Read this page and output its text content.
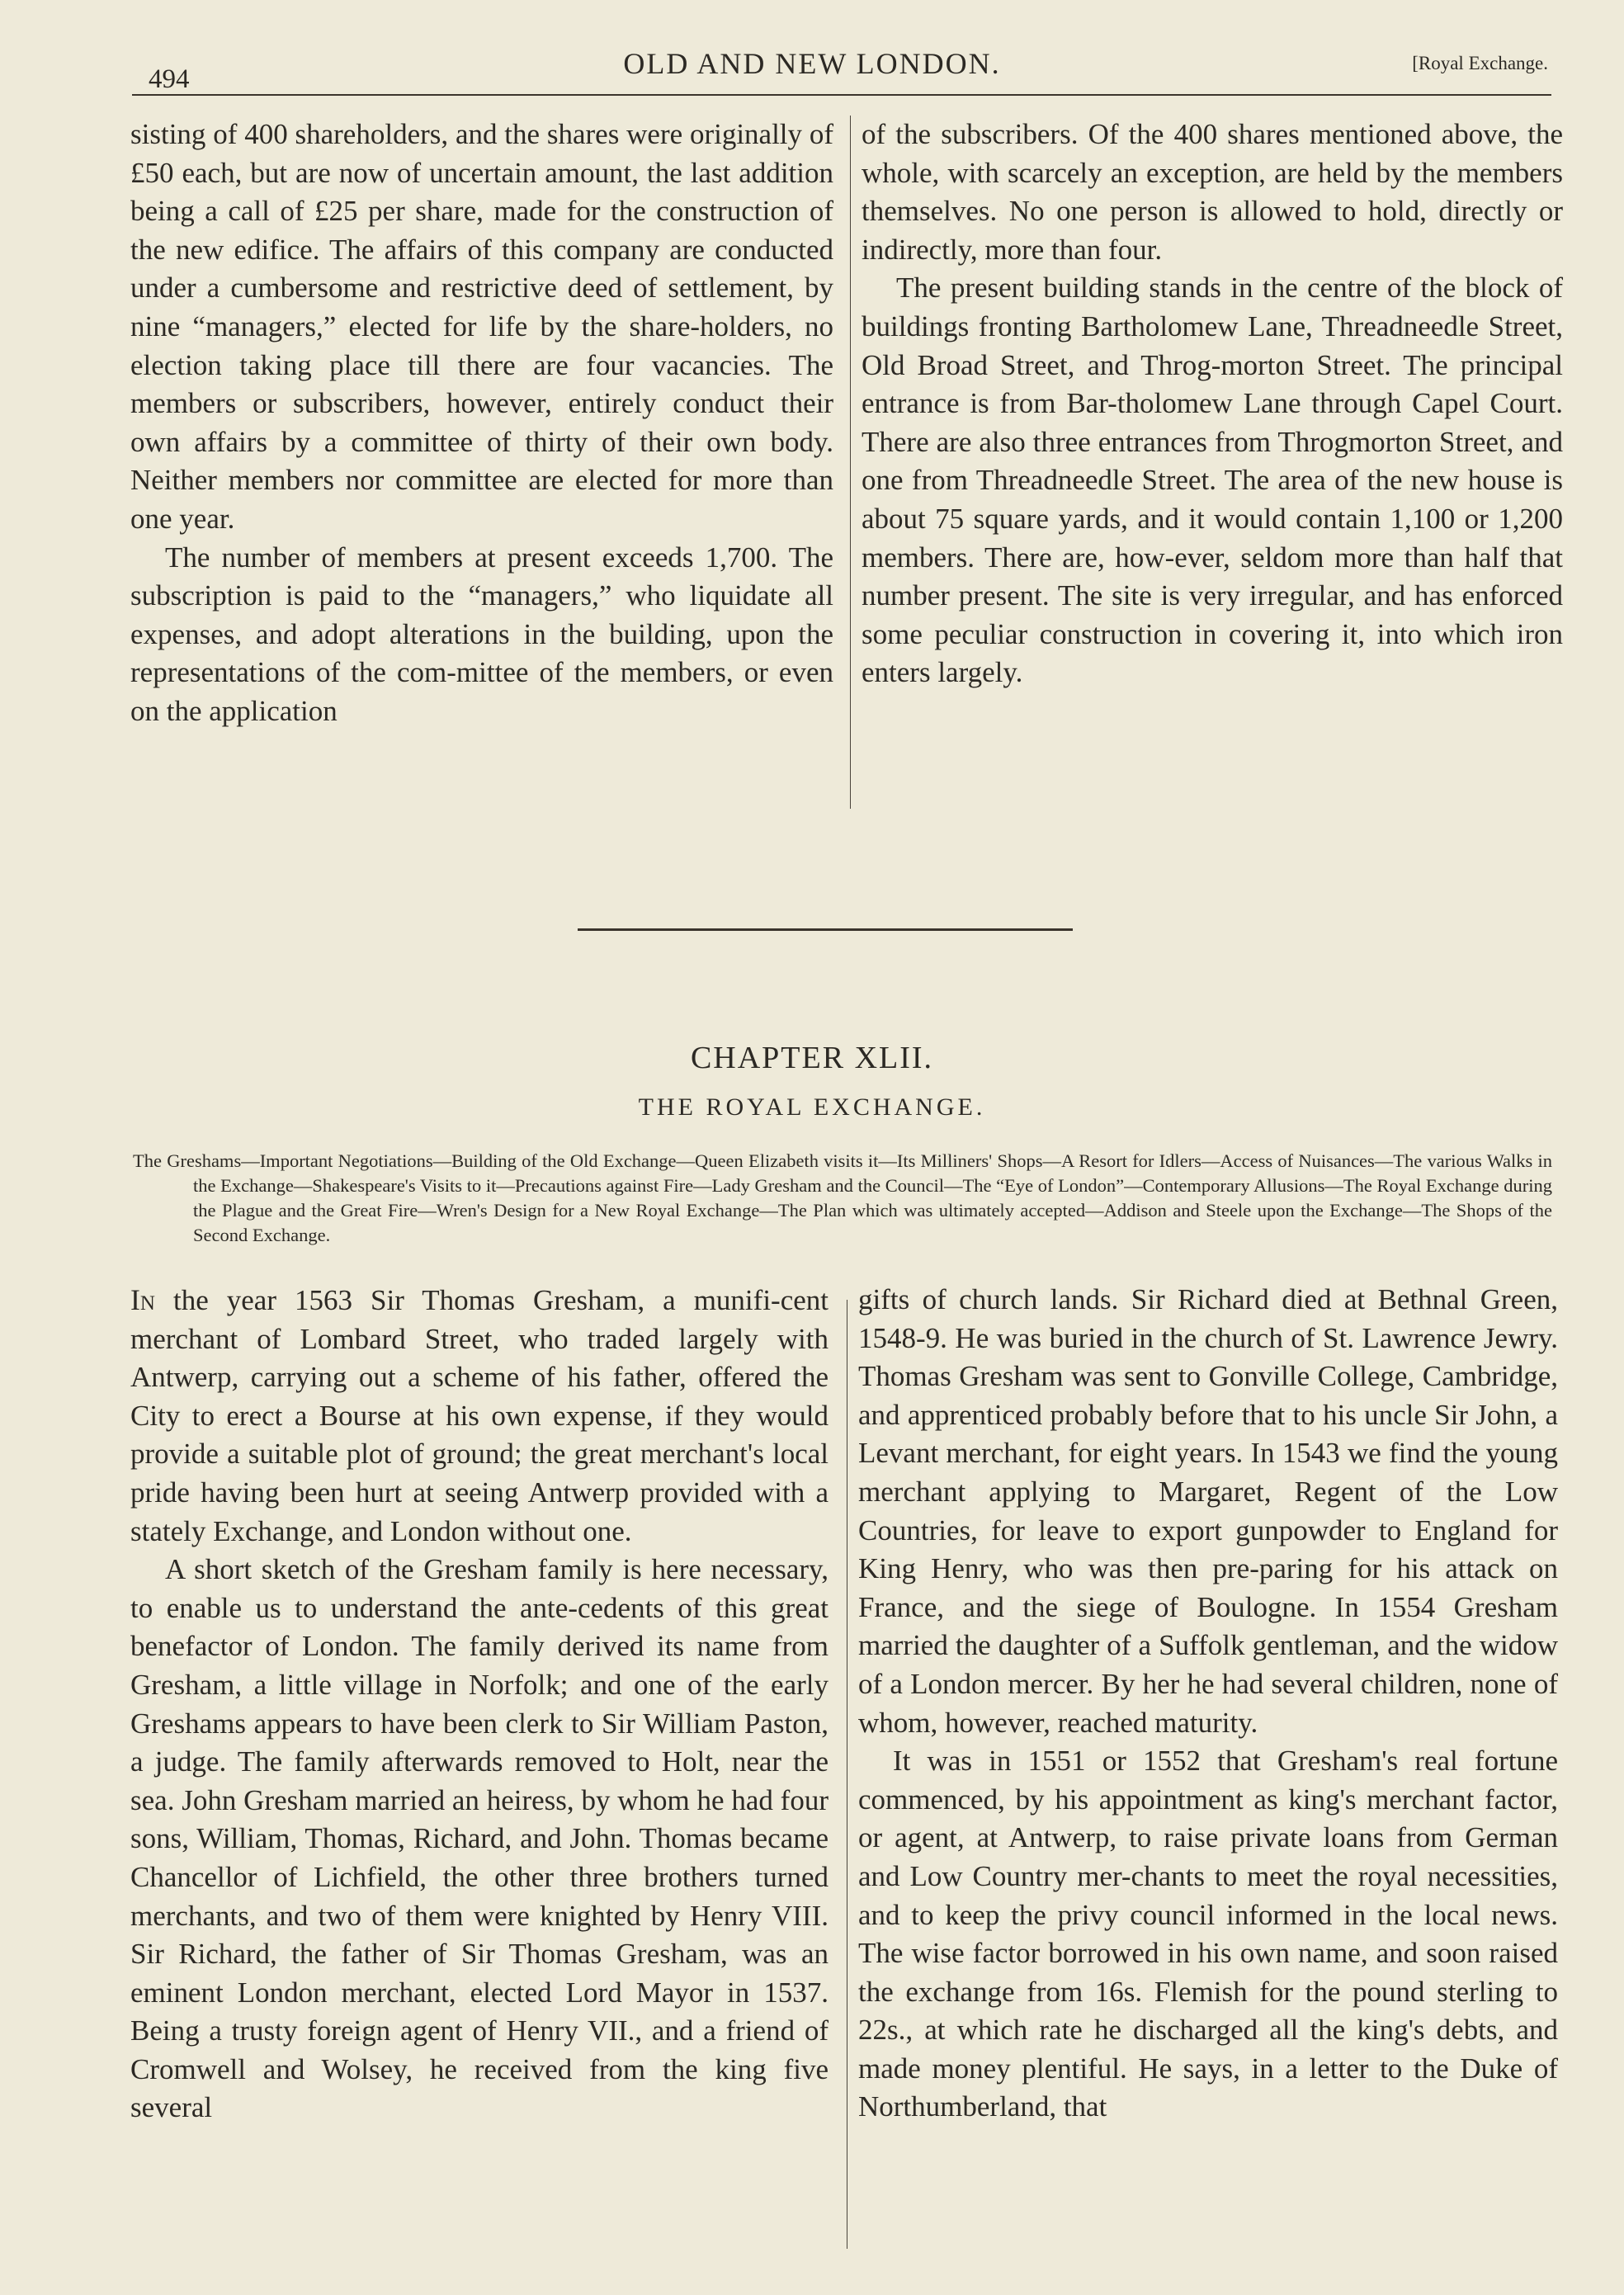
494	OLD AND NEW LONDON.	[Royal Exchange.

sisting of 400 shareholders, and the shares were originally of £50 each, but are now of uncertain amount, the last addition being a call of £25 per share, made for the construction of the new edifice. The affairs of this company are conducted under a cumbersome and restrictive deed of settlement, by nine “managers,” elected for life by the share-holders, no election taking place till there are four vacancies. The members or subscribers, however, entirely conduct their own affairs by a committee of thirty of their own body. Neither members nor committee are elected for more than one year.

The number of members at present exceeds 1,700. The subscription is paid to the “managers,” who liquidate all expenses, and adopt alterations in the building, upon the representations of the com-mittee of the members, or even on the application

of the subscribers. Of the 400 shares mentioned above, the whole, with scarcely an exception, are held by the members themselves. No one person is allowed to hold, directly or indirectly, more than four.

The present building stands in the centre of the block of buildings fronting Bartholomew Lane, Threadneedle Street, Old Broad Street, and Throg-morton Street. The principal entrance is from Bar-tholomew Lane through Capel Court. There are also three entrances from Throgmorton Street, and one from Threadneedle Street. The area of the new house is about 75 square yards, and it would contain 1,100 or 1,200 members. There are, how-ever, seldom more than half that number present. The site is very irregular, and has enforced some peculiar construction in covering it, into which iron enters largely.

CHAPTER XLII.
THE ROYAL EXCHANGE.
The Greshams—Important Negotiations—Building of the Old Exchange—Queen Elizabeth visits it—Its Milliners' Shops—A Resort for Idlers—Access of Nuisances—The various Walks in the Exchange—Shakespeare's Visits to it—Precautions against Fire—Lady Gresham and the Council—The “Eye of London”—Contemporary Allusions—The Royal Exchange during the Plague and the Great Fire—Wren's Design for a New Royal Exchange—The Plan which was ultimately accepted—Addison and Steele upon the Exchange—The Shops of the Second Exchange.

In the year 1563 Sir Thomas Gresham, a munifi-cent merchant of Lombard Street, who traded largely with Antwerp, carrying out a scheme of his father, offered the City to erect a Bourse at his own expense, if they would provide a suitable plot of ground; the great merchant's local pride having been hurt at seeing Antwerp provided with a stately Exchange, and London without one.

A short sketch of the Gresham family is here necessary, to enable us to understand the ante-cedents of this great benefactor of London. The family derived its name from Gresham, a little village in Norfolk; and one of the early Greshams appears to have been clerk to Sir William Paston, a judge. The family afterwards removed to Holt, near the sea. John Gresham married an heiress, by whom he had four sons, William, Thomas, Richard, and John. Thomas became Chancellor of Lichfield, the other three brothers turned merchants, and two of them were knighted by Henry VIII. Sir Richard, the father of Sir Thomas Gresham, was an eminent London merchant, elected Lord Mayor in 1537. Being a trusty foreign agent of Henry VII., and a friend of Cromwell and Wolsey, he received from the king five several

gifts of church lands. Sir Richard died at Bethnal Green, 1548-9. He was buried in the church of St. Lawrence Jewry. Thomas Gresham was sent to Gonville College, Cambridge, and apprenticed probably before that to his uncle Sir John, a Levant merchant, for eight years. In 1543 we find the young merchant applying to Margaret, Regent of the Low Countries, for leave to export gunpowder to England for King Henry, who was then pre-paring for his attack on France, and the siege of Boulogne. In 1554 Gresham married the daughter of a Suffolk gentleman, and the widow of a London mercer. By her he had several children, none of whom, however, reached maturity.

It was in 1551 or 1552 that Gresham's real fortune commenced, by his appointment as king's merchant factor, or agent, at Antwerp, to raise private loans from German and Low Country mer-chants to meet the royal necessities, and to keep the privy council informed in the local news. The wise factor borrowed in his own name, and soon raised the exchange from 16s. Flemish for the pound sterling to 22s., at which rate he discharged all the king's debts, and made money plentiful. He says, in a letter to the Duke of Northumberland, that
